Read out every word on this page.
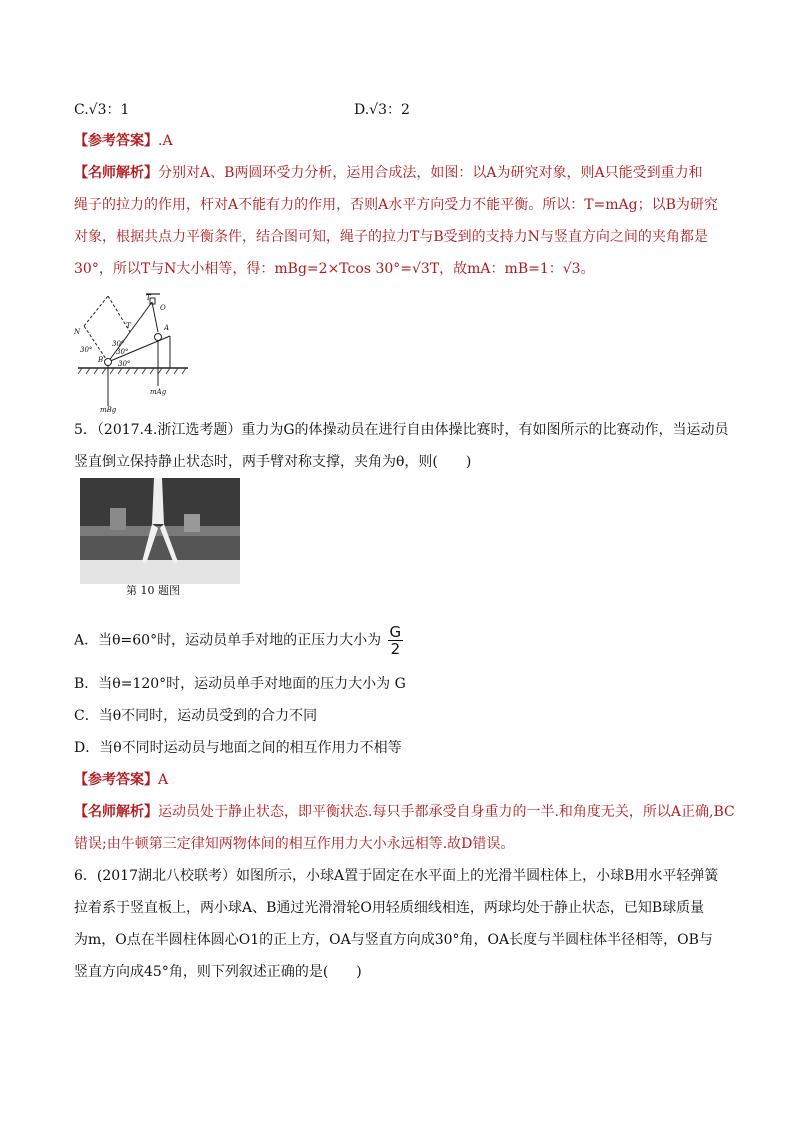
C.√3：1	D.√3：2
【参考答案】.A
【名师解析】分别对A、B两圆环受力分析，运用合成法，如图：以A为研究对象，则A只能受到重力和
绳子的拉力的作用，杆对A不能有力的作用，否则A水平方向受力不能平衡。所以：T=mAg；以B为研究
对象，根据共点力平衡条件，结合图可知，绳子的拉力T与B受到的支持力N与竖直方向之间的夹角都是
30°，所以T与N大小相等，得：mBg=2×Tcos 30°=√3T，故mA：mB=1：√3。
T
O
N
T	A
30°
30°
30°
30°
B
mAg
mBg
5．（2017.4.浙江选考题）重力为G的体操动员在进行自由体操比赛时，有如图所示的比赛动作，当运动员
竖直倒立保持静止状态时，两手臂对称支撑，夹角为θ，则(　　)
第 10 题图
A．当θ=60°时，运动员单手对地的正压力大小为 $\frac{G}{2}$
B．当θ=120°时，运动员单手对地面的压力大小为 G
C．当θ不同时，运动员受到的合力不同
D．当θ不同时运动员与地面之间的相互作用力不相等
【参考答案】A
【名师解析】运动员处于静止状态，即平衡状态.每只手都承受自身重力的一半.和角度无关，所以A正确,BC
错误;由牛顿第三定律知两物体间的相互作用力大小永远相等.故D错误。
6．(2017湖北八校联考）如图所示，小球A置于固定在水平面上的光滑半圆柱体上，小球B用水平轻弹簧
拉着系于竖直板上，两小球A、B通过光滑滑轮O用轻质细线相连，两球均处于静止状态，已知B球质量
为m，O点在半圆柱体圆心O1的正上方，OA与竖直方向成30°角，OA长度与半圆柱体半径相等，OB与
竖直方向成45°角，则下列叙述正确的是(　　)
